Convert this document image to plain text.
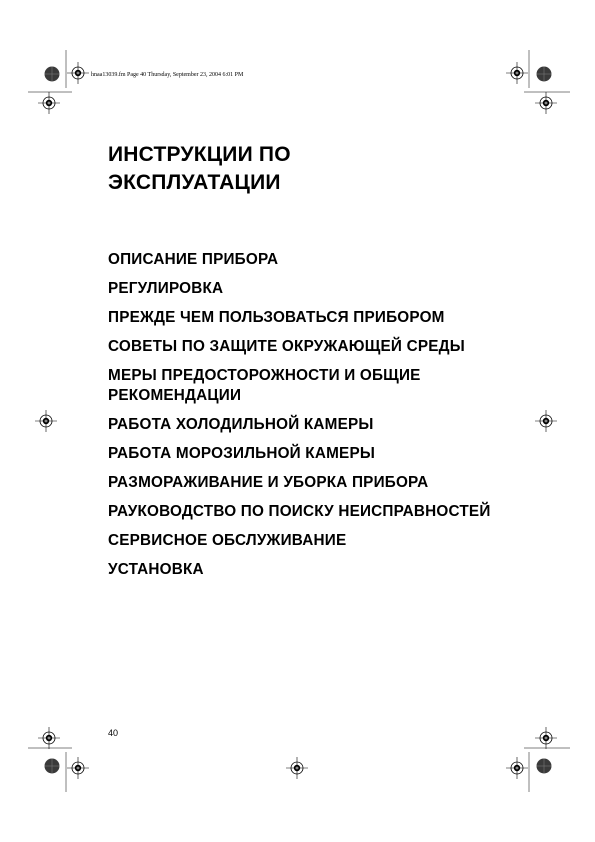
hnaa13039.fm Page 40 Thursday, September 23, 2004 6:01 PM
ИНСТРУКЦИИ ПО
ЭКСПЛУАТАЦИИ
ОПИСАНИЕ ПРИБОРА
РЕГУЛИРОВКА
ПРЕЖДЕ ЧЕМ ПОЛЬЗОВАТЬСЯ ПРИБОРОМ
СОВЕТЫ ПО ЗАЩИТЕ ОКРУЖАЮЩЕЙ СРЕДЫ
МЕРЫ ПРЕДОСТОРОЖНОСТИ И ОБЩИЕ РЕКОМЕНДАЦИИ
РАБОТА ХОЛОДИЛЬНОЙ КАМЕРЫ
РАБОТА МОРОЗИЛЬНОЙ КАМЕРЫ
РАЗМОРАЖИВАНИЕ И УБОРКА ПРИБОРА
РАУКОВОДСТВО ПО ПОИСКУ НЕИСПРАВНОСТЕЙ
СЕРВИСНОЕ ОБСЛУЖИВАНИЕ
УСТАНОВКА
40
